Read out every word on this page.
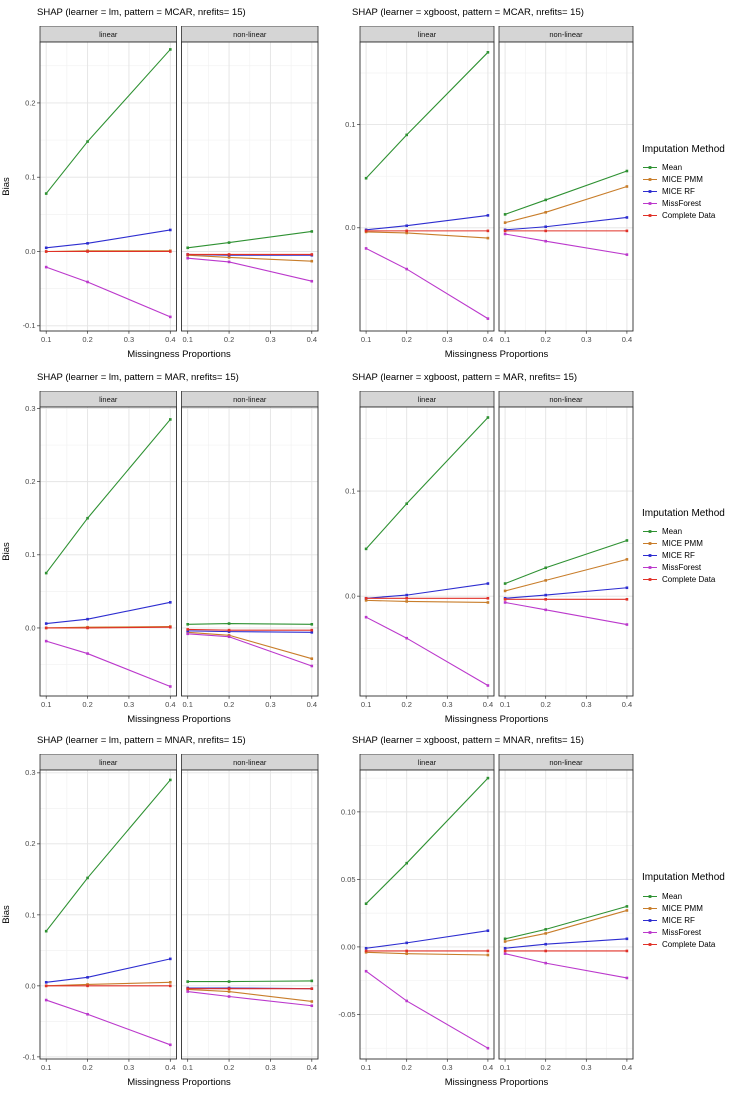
SHAP (learner = lm, pattern = MCAR, nrefits= 15)
Bias
linear
0.1	0.2	0.3	0.4
-0.1
0.0
0.1
0.2
non-linear
0.1	0.2	0.3	0.4
Missingness Proportions
SHAP (learner = xgboost, pattern = MCAR, nrefits= 15)
linear
0.1	0.2	0.3	0.4
0.0
0.1
non-linear
0.1	0.2	0.3	0.4
Missingness Proportions
Imputation Method
Mean
MICE PMM
MICE RF
MissForest
Complete Data
SHAP (learner = lm, pattern = MAR, nrefits= 15)
Bias
linear
0.1	0.2	0.3	0.4
0.0
0.1
0.2
0.3
non-linear
0.1	0.2	0.3	0.4
Missingness Proportions
SHAP (learner = xgboost, pattern = MAR, nrefits= 15)
linear
0.1	0.2	0.3	0.4
0.0
0.1
non-linear
0.1	0.2	0.3	0.4
Missingness Proportions
Imputation Method
Mean
MICE PMM
MICE RF
MissForest
Complete Data
SHAP (learner = lm, pattern = MNAR, nrefits= 15)
Bias
linear
0.1	0.2	0.3	0.4
-0.1
0.0
0.1
0.2
0.3
non-linear
0.1	0.2	0.3	0.4
Missingness Proportions
SHAP (learner = xgboost, pattern = MNAR, nrefits= 15)
linear
0.1	0.2	0.3	0.4
-0.05
0.00
0.05
0.10
non-linear
0.1	0.2	0.3	0.4
Missingness Proportions
Imputation Method
Mean
MICE PMM
MICE RF
MissForest
Complete Data
